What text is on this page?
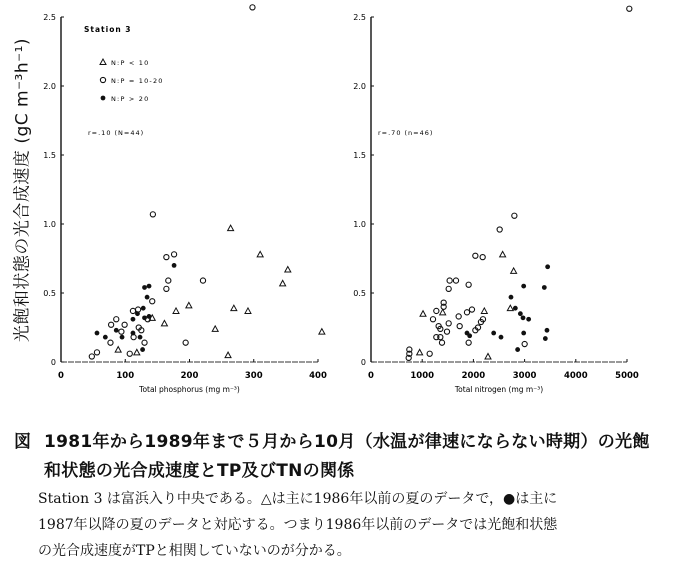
0
0.5
1.0
1.5
2.0
2.5
0	100	200	300	400
Total phosphorus (mg m⁻³)
r=.10 (N=44)
Station 3
N:P < 10
N:P = 10-20
N:P > 20
0
0.5
1.0
1.5
2.0
2.5
0	1000	2000	3000	4000	5000
Total nitrogen (mg m⁻³)
r=.70 (n=46)
光飽和状態の光合成速度 (gC m⁻³h⁻¹)
図 1981年から1989年まで５月から10月（水温が律速にならない時期）の光飽
和状態の光合成速度とTP及びTNの関係
Station 3 は富浜入り中央である。△は主に1986年以前の夏のデータで，●は主に
1987年以降の夏のデータと対応する。つまり1986年以前のデータでは光飽和状態
の光合成速度がTPと相関していないのが分かる。
